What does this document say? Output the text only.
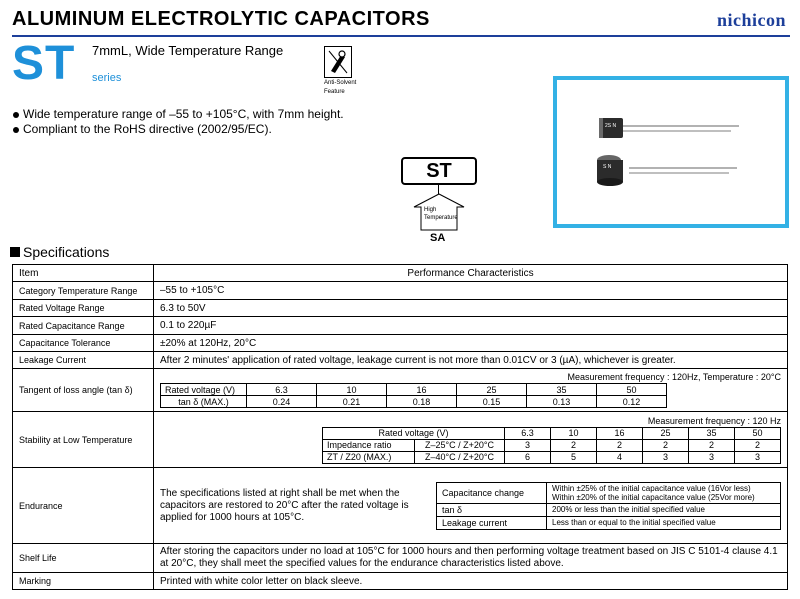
ALUMINUM ELECTROLYTIC CAPACITORS	nichicon
ST 7mmL, Wide Temperature Range
series	Anti-Solvent
Feature
Wide temperature range of –55 to +105°C, with 7mm height.
Compliant to the RoHS directive (2002/95/EC).
ST
High
Temperature
SA
2S N
S N
Specifications
Item	Performance Characteristics
Category Temperature Range	–55 to +105°C
Rated Voltage Range	6.3 to 50V
Rated Capacitance Range	0.1 to 220µF
Capacitance Tolerance	±20% at 120Hz, 20°C
Leakage Current	After 2 minutes' application of rated voltage, leakage current is not more than 0.01CV or 3 (µA), whichever is greater.
Tangent of loss angle (tan δ)	
Measurement frequency : 120Hz, Temperature : 20°C
Rated voltage (V)	6.3	10	16	25	35	50
tan δ (MAX.)	0.24	0.21	0.18	0.15	0.13	0.12

Stability at Low Temperature	
Measurement frequency : 120 Hz
Rated voltage (V)	6.3	10	16	25	35	50
Impedance ratio	Z–25°C / Z+20°C	3	2	2	2	2	2
ZT / Z20 (MAX.)	Z–40°C / Z+20°C	6	5	4	3	3	3

Endurance	
The specifications listed at right shall be met when the capacitors are restored to 20°C after the rated voltage is applied for 1000 hours at 105°C.
Capacitance change	Within ±25% of the initial capacitance value (16Vor less)
Within ±20% of the initial capacitance value (25Vor more)

tan δ	200% or less than the initial specified value
Leakage current	Less than or equal to the initial specified value

Shelf Life	After storing the capacitors under no load at 105°C for 1000 hours and then performing voltage treatment based on JIS C 5101-4 clause 4.1 at 20°C, they shall meet the specified values for the endurance characteristics listed above.
Marking	Printed with white color letter on black sleeve.
